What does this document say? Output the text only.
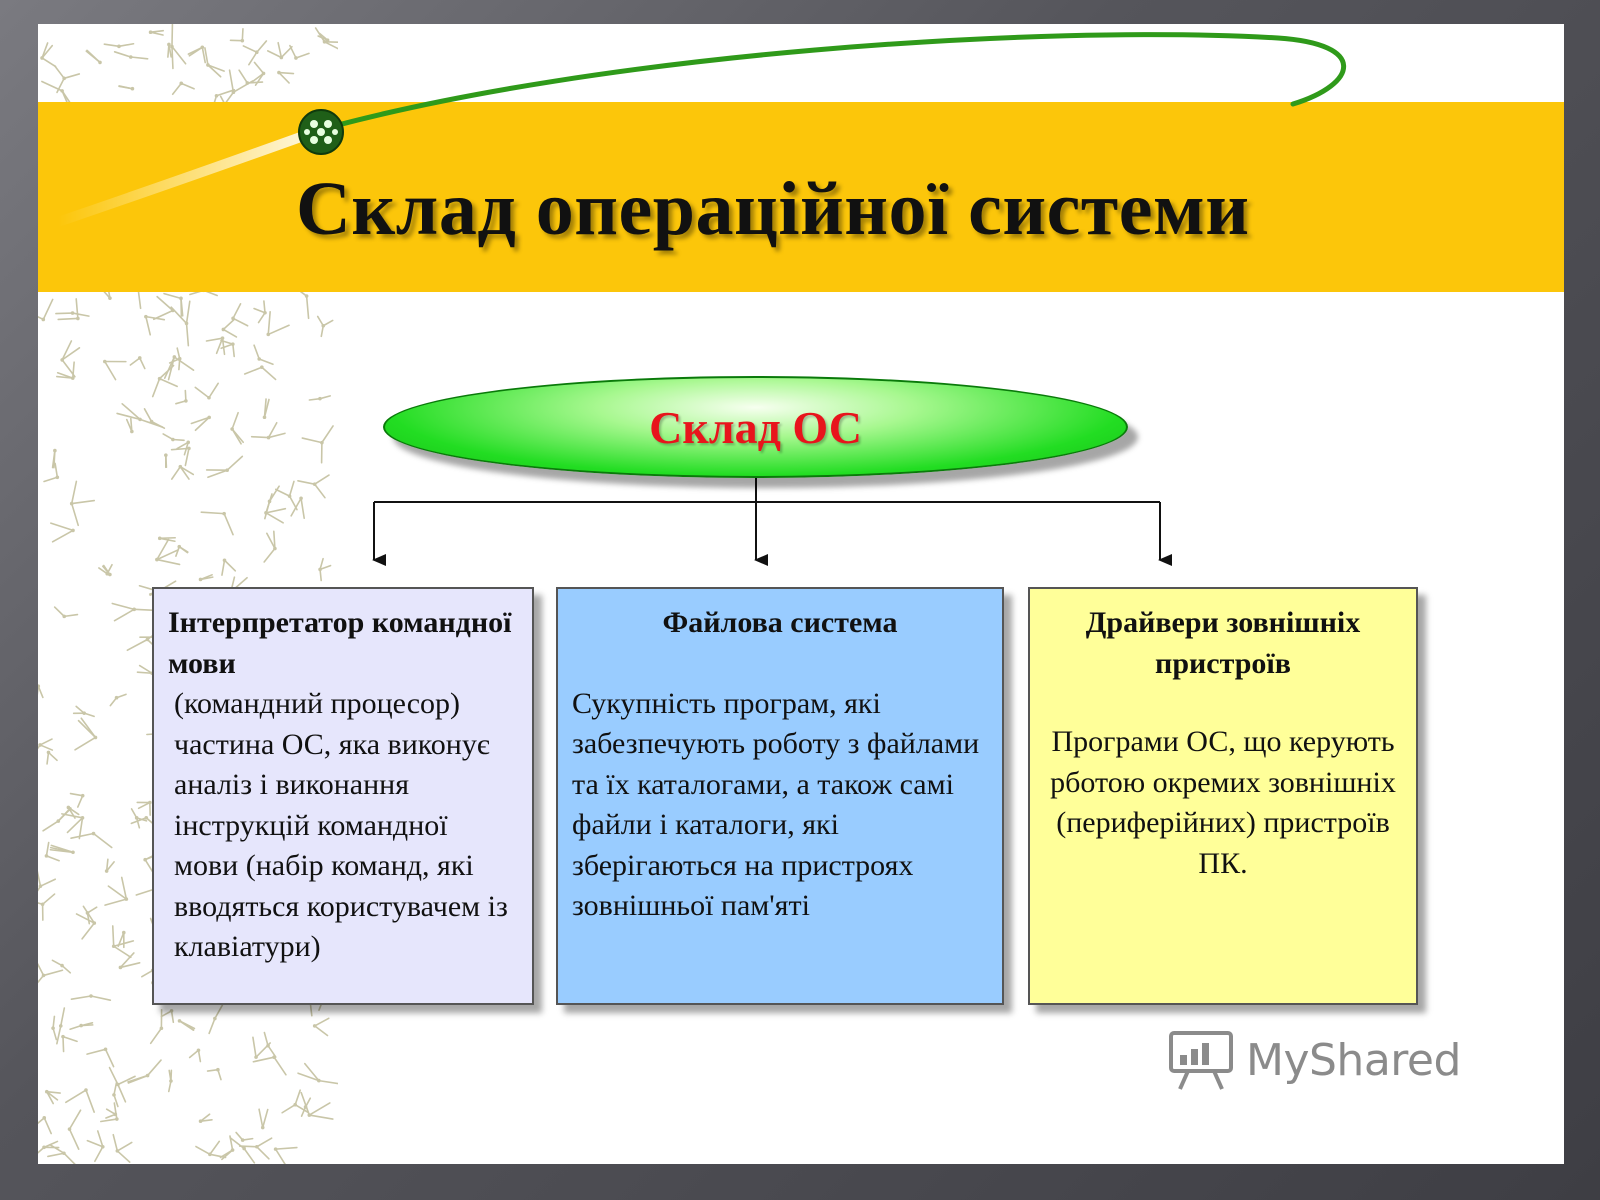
Склад операційної системи
Склад ОС
Інтерпретатор командної мови
(командний процесор) частина ОС, яка виконує аналіз і виконання інструкцій командної мови (набір команд, які вводяться користувачем із клавіатури)
Файлова система
Сукупність програм, які забезпечують роботу з файлами та їх каталогами, а також самі файли і каталоги, які зберігаються на пристроях зовнішньої пам'яті
Драйвери зовнішніх пристроїв
Програми ОС, що керують рботою окремих зовнішніх (периферійних) пристроїв ПК.
MyShared
